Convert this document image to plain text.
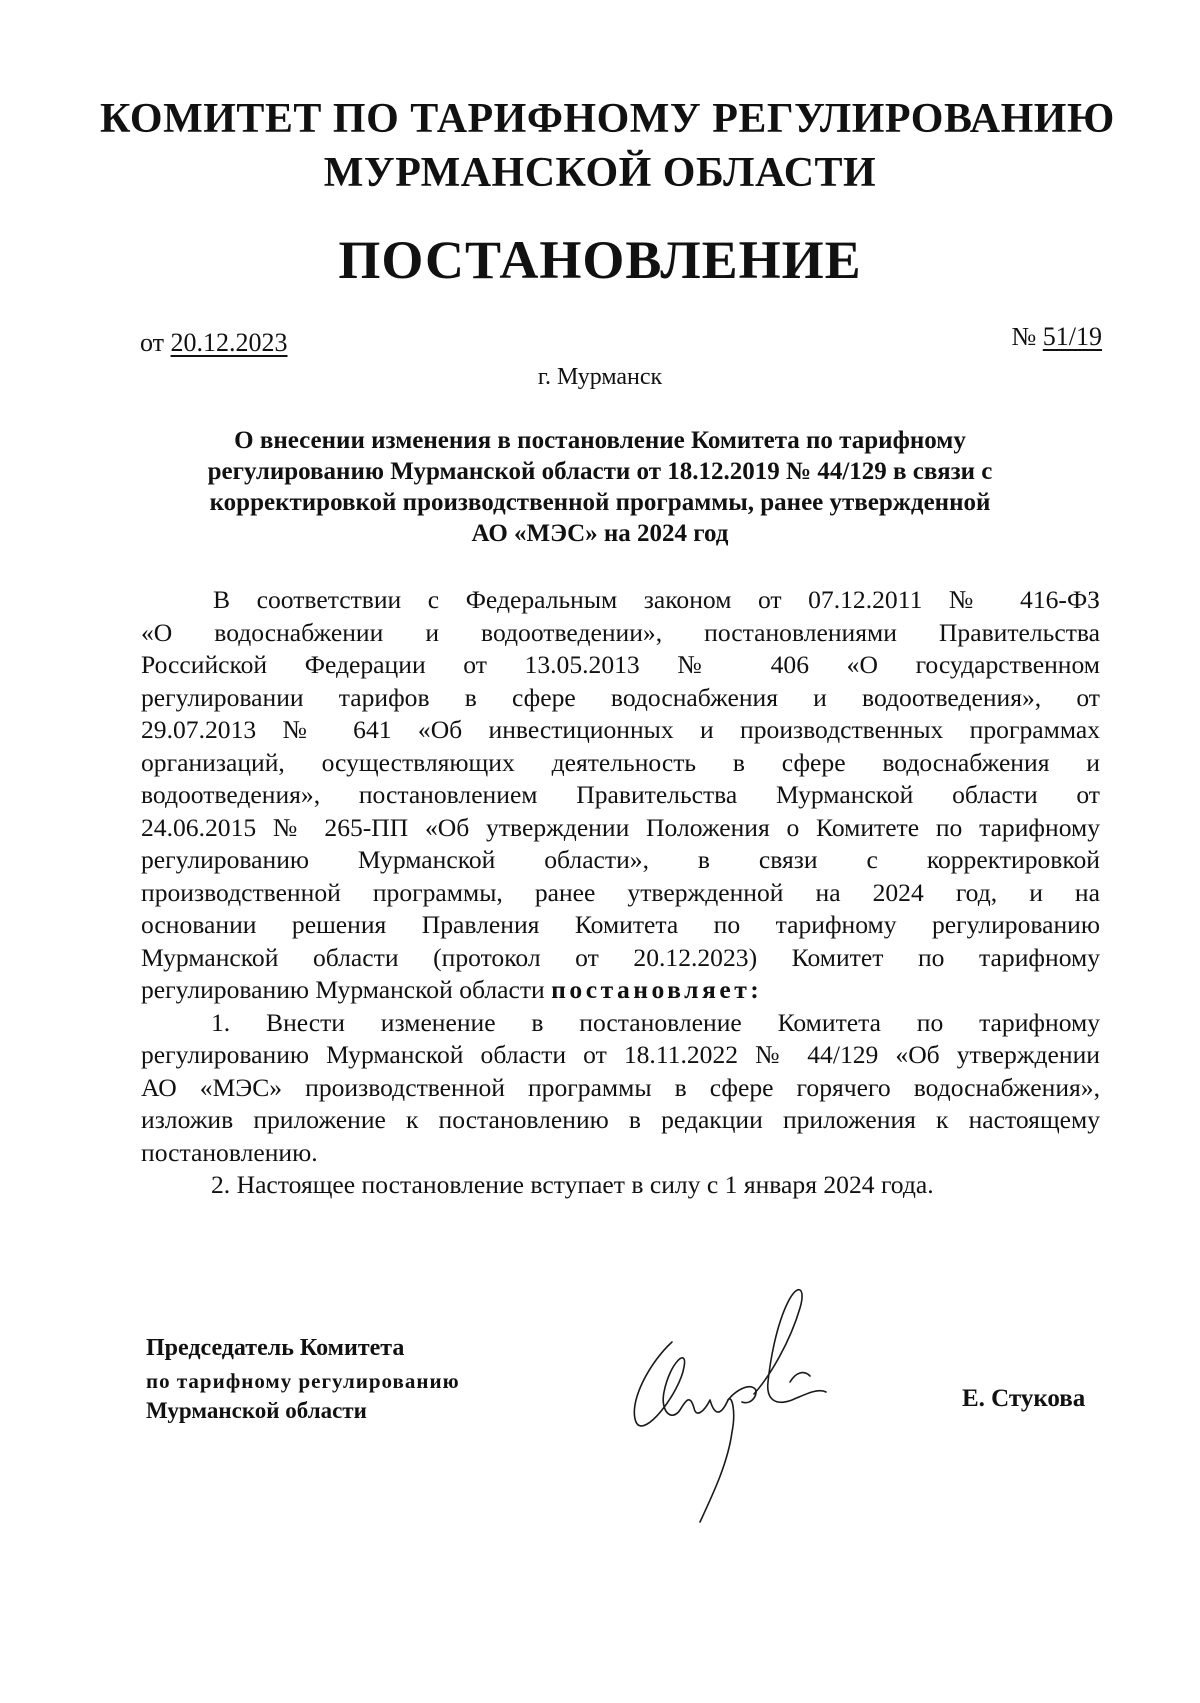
КОМИТЕТ ПО ТАРИФНОМУ РЕГУЛИРОВАНИЮ
МУРМАНСКОЙ ОБЛАСТИ
ПОСТАНОВЛЕНИЕ
от 20.12.2023	№ 51/19
г. Мурманск
О внесении изменения в постановление Комитета по тарифному
регулированию Мурманской области от 18.12.2019 № 44/129 в связи с
корректировкой производственной программы, ранее утвержденной
АО «МЭС» на 2024 год
В соответствии с Федеральным законом от 07.12.2011 № 416-ФЗ
«О водоснабжении и водоотведении», постановлениями Правительства
Российской Федерации от 13.05.2013 № 406 «О государственном
регулировании тарифов в сфере водоснабжения и водоотведения», от
29.07.2013 № 641 «Об инвестиционных и производственных программах
организаций, осуществляющих деятельность в сфере водоснабжения и
водоотведения», постановлением Правительства Мурманской области от
24.06.2015 № 265-ПП «Об утверждении Положения о Комитете по тарифному
регулированию Мурманской области», в связи с корректировкой
производственной программы, ранее утвержденной на 2024 год, и на
основании решения Правления Комитета по тарифному регулированию
Мурманской области (протокол от 20.12.2023) Комитет по тарифному
регулированию Мурманской области постановляет:
1. Внести изменение в постановление Комитета по тарифному
регулированию Мурманской области от 18.11.2022 № 44/129 «Об утверждении
АО «МЭС» производственной программы в сфере горячего водоснабжения»,
изложив приложение к постановлению в редакции приложения к настоящему
постановлению.
2. Настоящее постановление вступает в силу с 1 января 2024 года.
Председатель Комитета
по тарифному регулированию
Мурманской области	Е. Стукова
